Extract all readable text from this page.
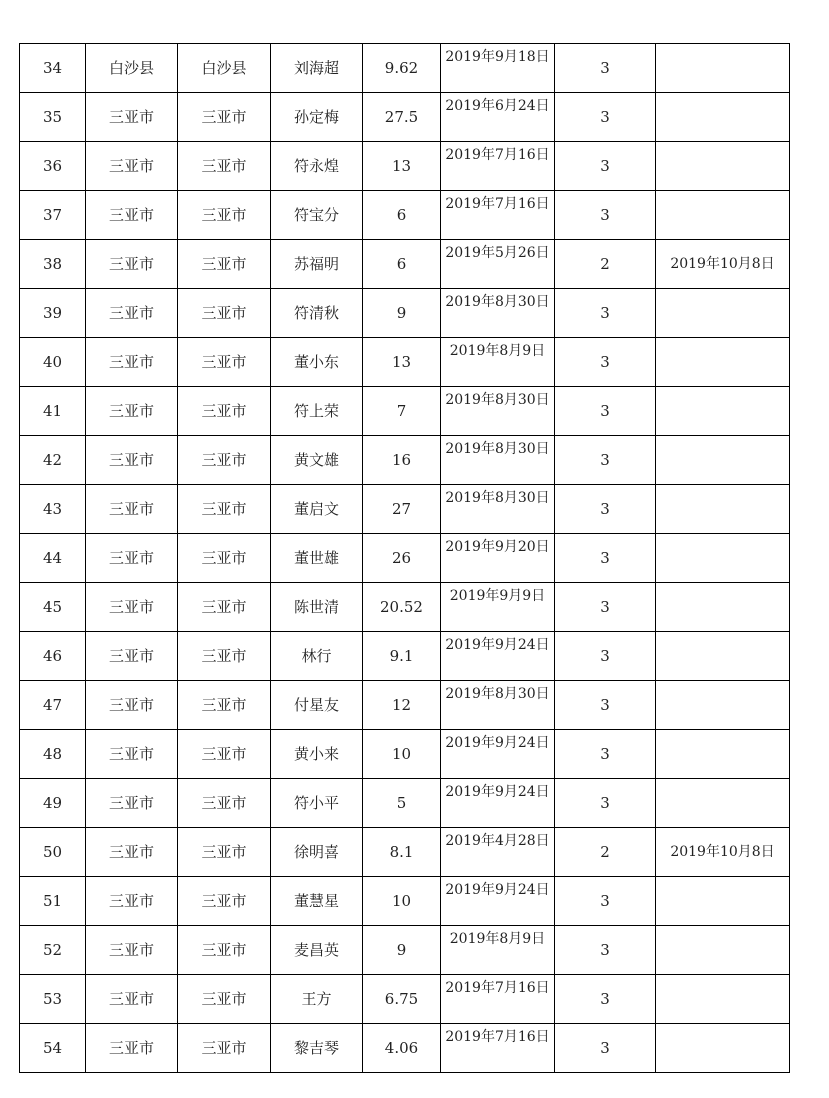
34	白沙县	白沙县	刘海超	9.62	2019年9月18日	3	
35	三亚市	三亚市	孙定梅	27.5	2019年6月24日	3	
36	三亚市	三亚市	符永煌	13	2019年7月16日	3	
37	三亚市	三亚市	符宝分	6	2019年7月16日	3	
38	三亚市	三亚市	苏福明	6	2019年5月26日	2	2019年10月8日
39	三亚市	三亚市	符清秋	9	2019年8月30日	3	
40	三亚市	三亚市	董小东	13	2019年8月9日	3	
41	三亚市	三亚市	符上荣	7	2019年8月30日	3	
42	三亚市	三亚市	黄文雄	16	2019年8月30日	3	
43	三亚市	三亚市	董启文	27	2019年8月30日	3	
44	三亚市	三亚市	董世雄	26	2019年9月20日	3	
45	三亚市	三亚市	陈世清	20.52	2019年9月9日	3	
46	三亚市	三亚市	林行	9.1	2019年9月24日	3	
47	三亚市	三亚市	付星友	12	2019年8月30日	3	
48	三亚市	三亚市	黄小来	10	2019年9月24日	3	
49	三亚市	三亚市	符小平	5	2019年9月24日	3	
50	三亚市	三亚市	徐明喜	8.1	2019年4月28日	2	2019年10月8日
51	三亚市	三亚市	董慧星	10	2019年9月24日	3	
52	三亚市	三亚市	麦昌英	9	2019年8月9日	3	
53	三亚市	三亚市	王方	6.75	2019年7月16日	3	
54	三亚市	三亚市	黎吉琴	4.06	2019年7月16日	3	
